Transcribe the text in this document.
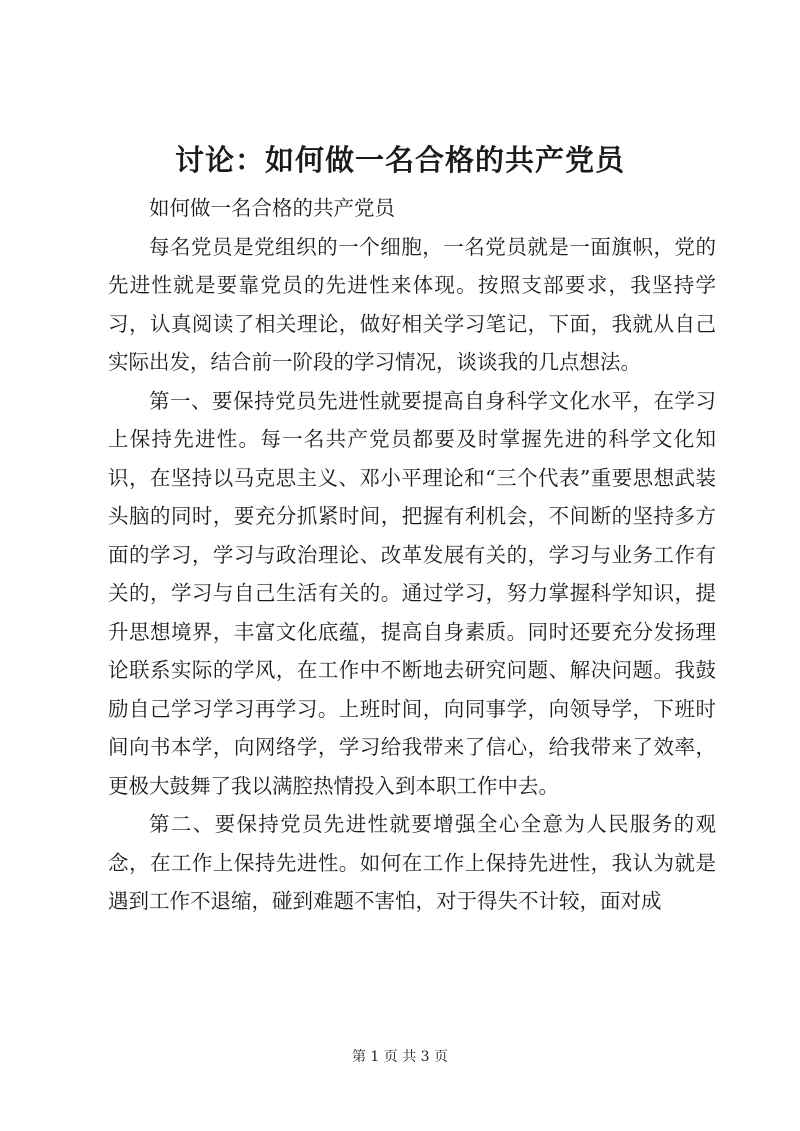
讨论：如何做一名合格的共产党员

如何做一名合格的共产党员

每名党员是党组织的一个细胞，一名党员就是一面旗帜，党的先进性就是要靠党员的先进性来体现。按照支部要求，我坚持学习，认真阅读了相关理论，做好相关学习笔记，下面，我就从自己实际出发，结合前一阶段的学习情况，谈谈我的几点想法。

第一、要保持党员先进性就要提高自身科学文化水平，在学习上保持先进性。每一名共产党员都要及时掌握先进的科学文化知识，在坚持以马克思主义、邓小平理论和“三个代表”重要思想武装头脑的同时，要充分抓紧时间，把握有利机会，不间断的坚持多方面的学习，学习与政治理论、改革发展有关的，学习与业务工作有关的，学习与自己生活有关的。通过学习，努力掌握科学知识，提升思想境界，丰富文化底蕴，提高自身素质。同时还要充分发扬理论联系实际的学风，在工作中不断地去研究问题、解决问题。我鼓励自己学习学习再学习。上班时间，向同事学，向领导学，下班时间向书本学，向网络学，学习给我带来了信心，给我带来了效率，更极大鼓舞了我以满腔热情投入到本职工作中去。

第二、要保持党员先进性就要增强全心全意为人民服务的观念，在工作上保持先进性。如何在工作上保持先进性，我认为就是遇到工作不退缩，碰到难题不害怕，对于得失不计较，面对成

第 1 页 共 3 页
